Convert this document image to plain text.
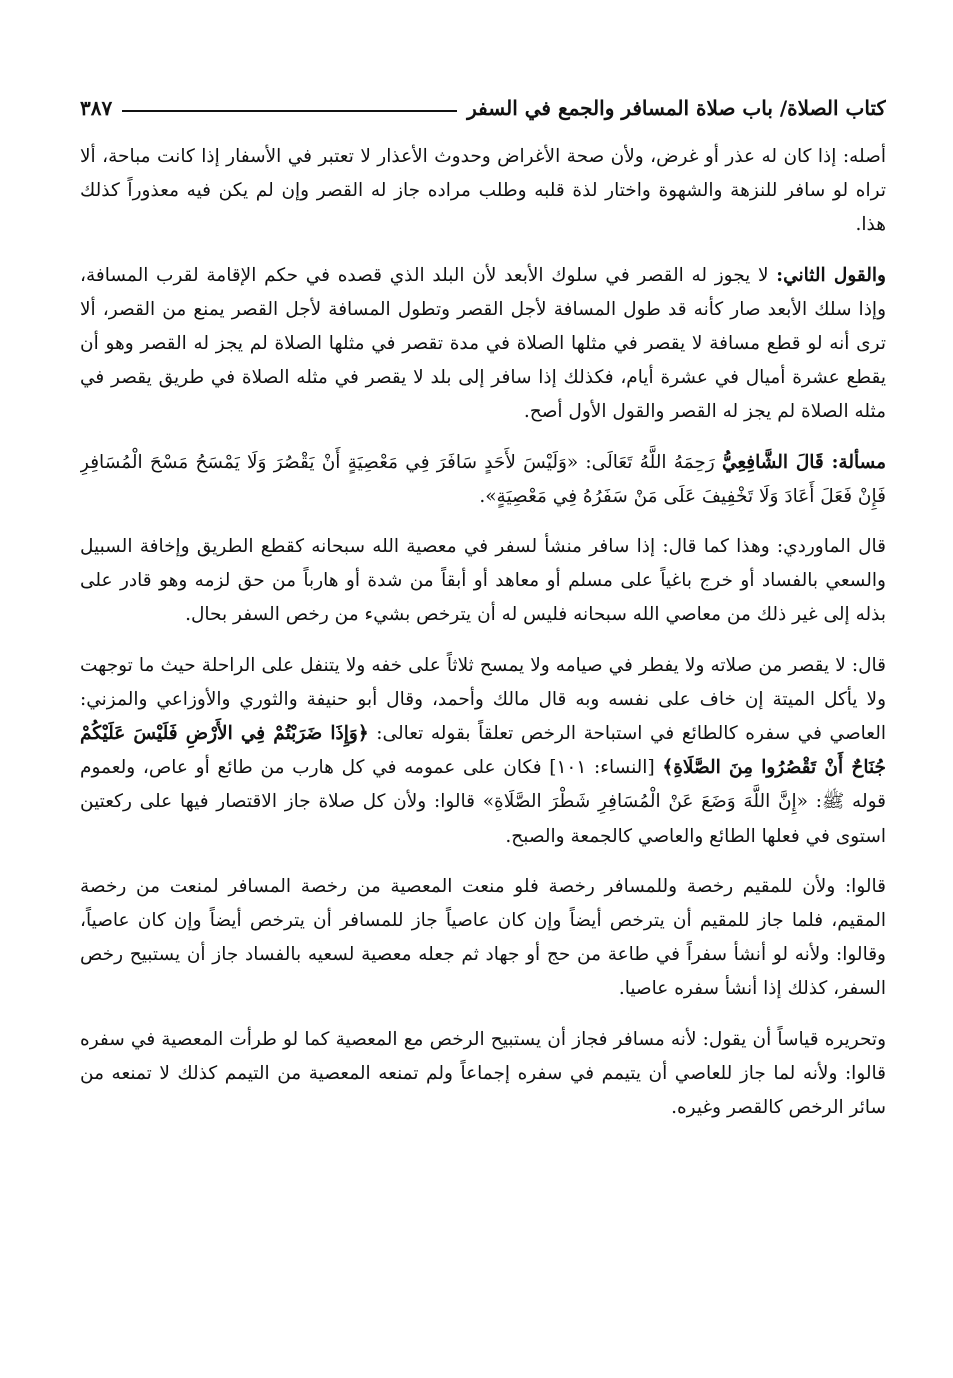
كتاب الصلاة/ باب صلاة المسافر والجمع في السفر
٣٨٧

أصله: إذا كان له عذر أو غرض، ولأن صحة الأغراض وحدوث الأعذار لا تعتبر في الأسفار إذا كانت مباحة، ألا تراه لو سافر للنزهة والشهوة واختار لذة قلبه وطلب مراده جاز له القصر وإن لم يكن فيه معذوراً كذلك هذا.

والقول الثاني: لا يجوز له القصر في سلوك الأبعد لأن البلد الذي قصده في حكم الإقامة لقرب المسافة، وإذا سلك الأبعد صار كأنه قد طول المسافة لأجل القصر وتطول المسافة لأجل القصر يمنع من القصر، ألا ترى أنه لو قطع مسافة لا يقصر في مثلها الصلاة في مدة تقصر في مثلها الصلاة لم يجز له القصر وهو أن يقطع عشرة أميال في عشرة أيام، فكذلك إذا سافر إلى بلد لا يقصر في مثله الصلاة في طريق يقصر في مثله الصلاة لم يجز له القصر والقول الأول أصح.

مسألة: قَالَ الشَّافِعِيُّ رَحِمَهُ اللَّهُ تَعَالَى: «وَلَيْسَ لأَحَدٍ سَافَرَ فِي مَعْصِيَةٍ أَنْ يَقْصُرَ وَلَا يَمْسَحُ مَسْحَ الْمُسَافِرِ فَإِنْ فَعَلَ أَعَادَ وَلَا تَخْفِيفَ عَلَى مَنْ سَفَرُهُ فِي مَعْصِيَةٍ».

قال الماوردي: وهذا كما قال: إذا سافر منشأ لسفر في معصية الله سبحانه كقطع الطريق وإخافة السبيل والسعي بالفساد أو خرج باغياً على مسلم أو معاهد أو أبقاً من شدة أو هارباً من حق لزمه وهو قادر على بذله إلى غير ذلك من معاصي الله سبحانه فليس له أن يترخص بشيء من رخص السفر بحال.

قال: لا يقصر من صلاته ولا يفطر في صيامه ولا يمسح ثلاثاً على خفه ولا يتنفل على الراحلة حيث ما توجهت ولا يأكل الميتة إن خاف على نفسه وبه قال مالك وأحمد، وقال أبو حنيفة والثوري والأوزاعي والمزني: العاصي في سفره كالطائع في استباحة الرخص تعلقاً بقوله تعالى: ﴿وَإِذَا ضَرَبْتُمْ فِي الأَرْضِ فَلَيْسَ عَلَيْكُمْ جُنَاحٌ أَنْ تَقْصُرُوا مِنَ الصَّلَاةِ﴾ [النساء: ١٠١] فكان على عمومه في كل هارب من طائع أو عاص، ولعموم قوله ﷺ: «إِنَّ اللَّهَ وَضَعَ عَنْ الْمُسَافِرِ شَطْرَ الصَّلَاةِ» قالوا: ولأن كل صلاة جاز الاقتصار فيها على ركعتين استوى في فعلها الطائع والعاصي كالجمعة والصبح.

قالوا: ولأن للمقيم رخصة وللمسافر رخصة فلو منعت المعصية من رخصة المسافر لمنعت من رخصة المقيم، فلما جاز للمقيم أن يترخص أيضاً وإن كان عاصياً جاز للمسافر أن يترخص أيضاً وإن كان عاصياً، وقالوا: ولأنه لو أنشأ سفراً في طاعة من حج أو جهاد ثم جعله معصية لسعيه بالفساد جاز أن يستبيح رخص السفر، كذلك إذا أنشأ سفره عاصيا.

وتحريره قياساً أن يقول: لأنه مسافر فجاز أن يستبيح الرخص مع المعصية كما لو طرأت المعصية في سفره قالوا: ولأنه لما جاز للعاصي أن يتيمم في سفره إجماعاً ولم تمنعه المعصية من التيمم كذلك لا تمنعه من سائر الرخص كالقصر وغيره.
